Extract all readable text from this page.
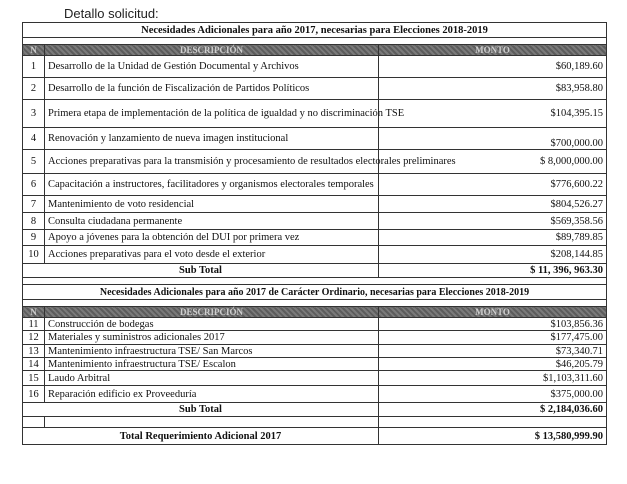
Detallo solicitud:
Necesidades Adicionales para año 2017, necesarias para Elecciones 2018-2019		

N	DESCRIPCIÓN	MONTO
1	Desarrollo de la Unidad de Gestión Documental y Archivos	$60,189.60
2	Desarrollo de la función de Fiscalización de Partidos Políticos	$83,958.80
3	Primera etapa de implementación de la política de igualdad y no discriminación TSE	$104,395.15
4	Renovación y lanzamiento de nueva imagen institucional	$700,000.00
5	Acciones preparativas para la transmisión y procesamiento de resultados electorales preliminares	$ 8,000,000.00
6	Capacitación a instructores, facilitadores y organismos electorales temporales	$776,600.22
7	Mantenimiento de voto residencial	$804,526.27
8	Consulta ciudadana permanente	$569,358.56
9	Apoyo a jóvenes para la obtención del DUI por primera vez	$89,789.85
10	Acciones preparativas para el voto desde el exterior	$208,144.85
Sub Total		$ 11, 396, 963.30

Necesidades Adicionales para año 2017 de Carácter Ordinario, necesarias para Elecciones 2018-2019		

N	DESCRIPCIÓN	MONTO
11	Construcción de bodegas	$103,856.36
12	Materiales y suministros adicionales 2017	$177,475.00
13	Mantenimiento infraestructura TSE/ San Marcos	$73,340.71
14	Mantenimiento infraestructura TSE/ Escalon	$46,205.79
15	Laudo Arbitral	$1,103,311.60
16	Reparación edificio ex Proveeduría	$375,000.00
Sub Total		$ 2,184,036.60

Total Requerimiento Adicional 2017		$ 13,580,999.90
